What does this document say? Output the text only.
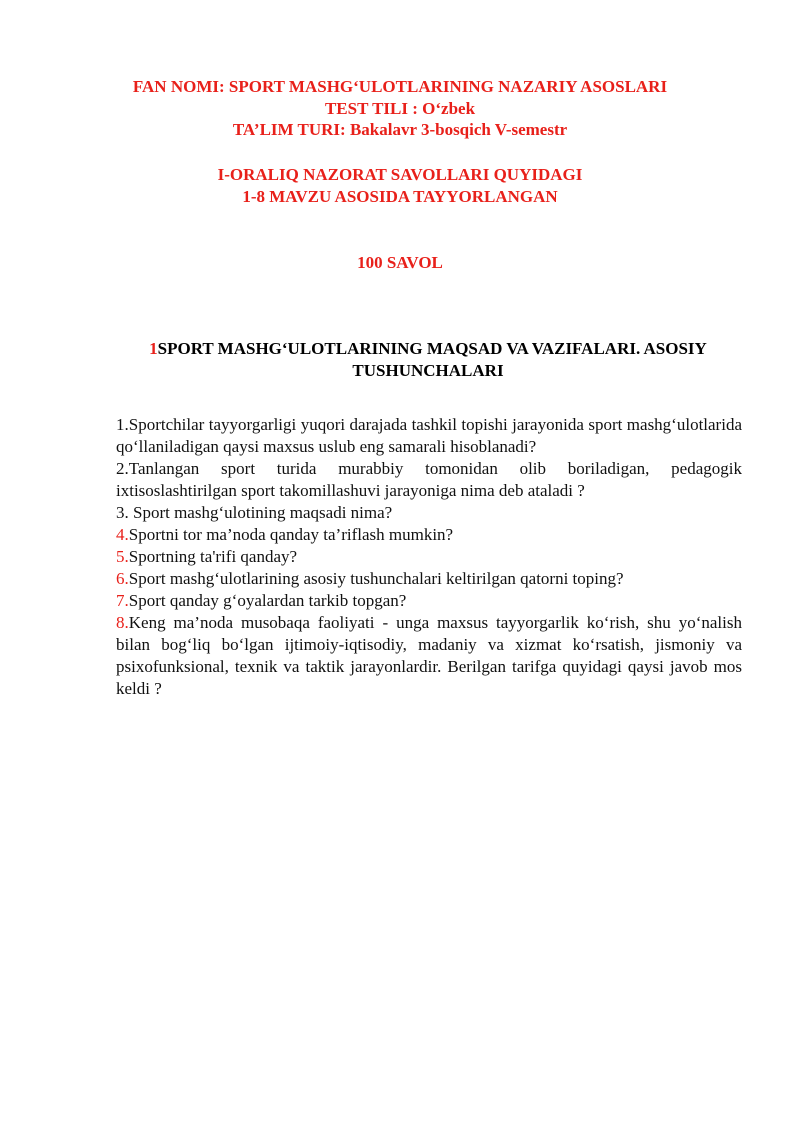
FAN NOMI: SPORT MASHG‘ULOTLARINING NAZARIY ASOSLARI
TEST TILI : O‘zbek
TA’LIM TURI: Bakalavr 3-bosqich V-semestr
I-ORALIQ NAZORAT SAVOLLARI QUYIDAGI
1-8 MAVZU ASOSIDA TAYYORLANGAN
100 SAVOL
1SPORT MASHG‘ULOTLARINING MAQSAD VA VAZIFALARI. ASOSIY TUSHUNCHALARI

1.Sportchilar tayyorgarligi yuqori darajada tashkil topishi jarayonida sport mashg‘ulotlarida qo‘llaniladigan qaysi maxsus uslub eng samarali hisoblanadi?

2.Tanlangan sport turida murabbiy tomonidan olib boriladigan, pedagogik ixtisoslashtirilgan sport takomillashuvi jarayoniga nima deb ataladi ?

3. Sport mashg‘ulotining maqsadi nima?

4.Sportni tor ma’noda qanday ta’riflash mumkin?

5.Sportning ta'rifi qanday?

6.Sport mashg‘ulotlarining asosiy tushunchalari keltirilgan qatorni toping?

7.Sport qanday g‘oyalardan tarkib topgan?

8.Keng ma’noda musobaqa faoliyati - unga maxsus tayyorgarlik ko‘rish, shu yo‘nalish bilan bog‘liq bo‘lgan ijtimoiy-iqtisodiy, madaniy va xizmat ko‘rsatish, jismoniy va psixofunksional, texnik va taktik jarayonlardir. Berilgan tarifga quyidagi qaysi javob mos keldi ?
